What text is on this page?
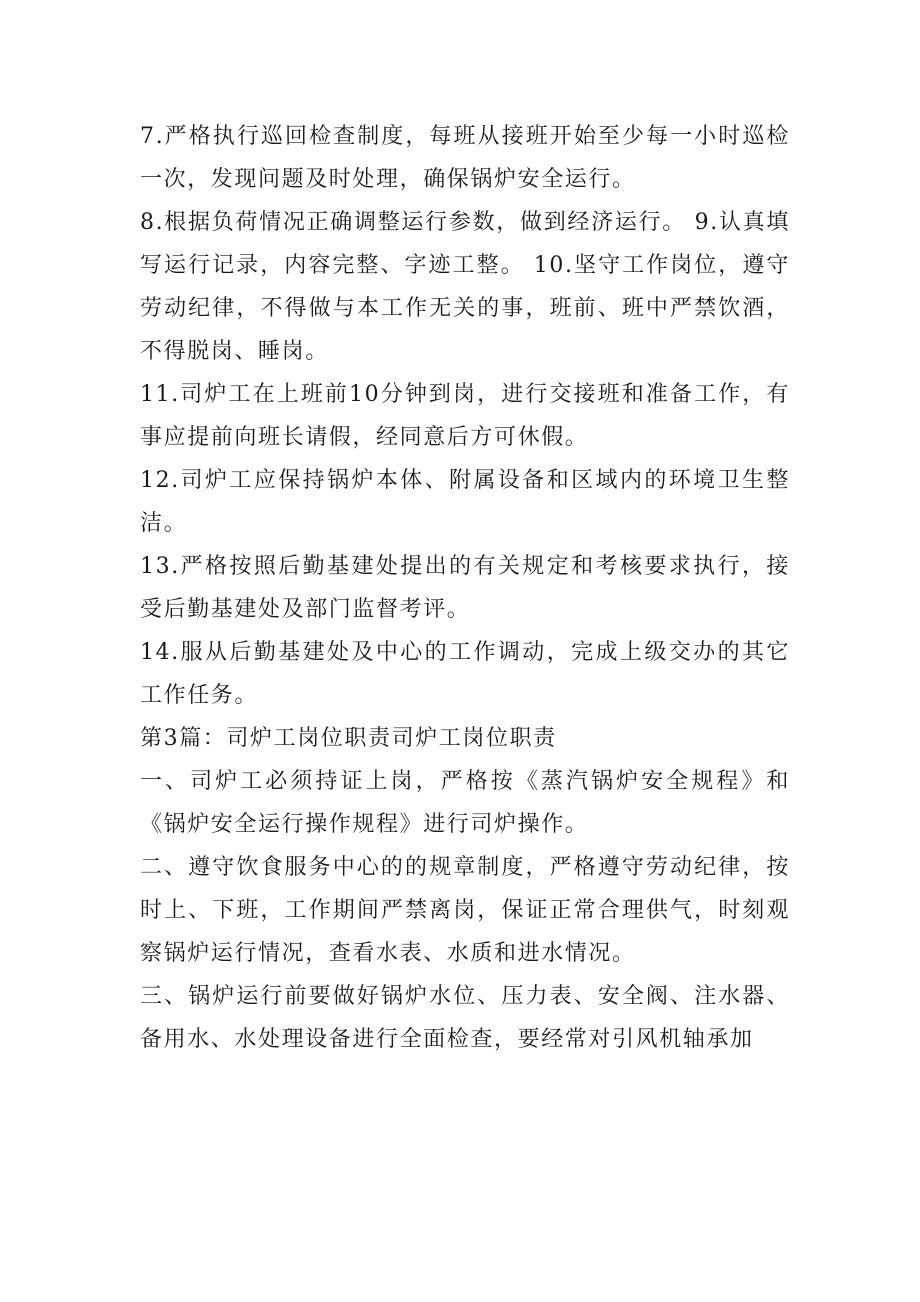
7.严格执行巡回检查制度，每班从接班开始至少每一小时巡检一次，发现问题及时处理，确保锅炉安全运行。

8.根据负荷情况正确调整运行参数，做到经济运行。 9.认真填写运行记录，内容完整、字迹工整。 10.坚守工作岗位，遵守劳动纪律，不得做与本工作无关的事，班前、班中严禁饮酒，不得脱岗、睡岗。

11.司炉工在上班前10分钟到岗，进行交接班和准备工作，有事应提前向班长请假，经同意后方可休假。

12.司炉工应保持锅炉本体、附属设备和区域内的环境卫生整洁。

13.严格按照后勤基建处提出的有关规定和考核要求执行，接受后勤基建处及部门监督考评。

14.服从后勤基建处及中心的工作调动，完成上级交办的其它工作任务。

第3篇：司炉工岗位职责司炉工岗位职责

一、司炉工必须持证上岗，严格按《蒸汽锅炉安全规程》和《锅炉安全运行操作规程》进行司炉操作。

二、遵守饮食服务中心的的规章制度，严格遵守劳动纪律，按时上、下班，工作期间严禁离岗，保证正常合理供气，时刻观察锅炉运行情况，查看水表、水质和进水情况。

三、锅炉运行前要做好锅炉水位、压力表、安全阀、注水器、备用水、水处理设备进行全面检查，要经常对引风机轴承加
